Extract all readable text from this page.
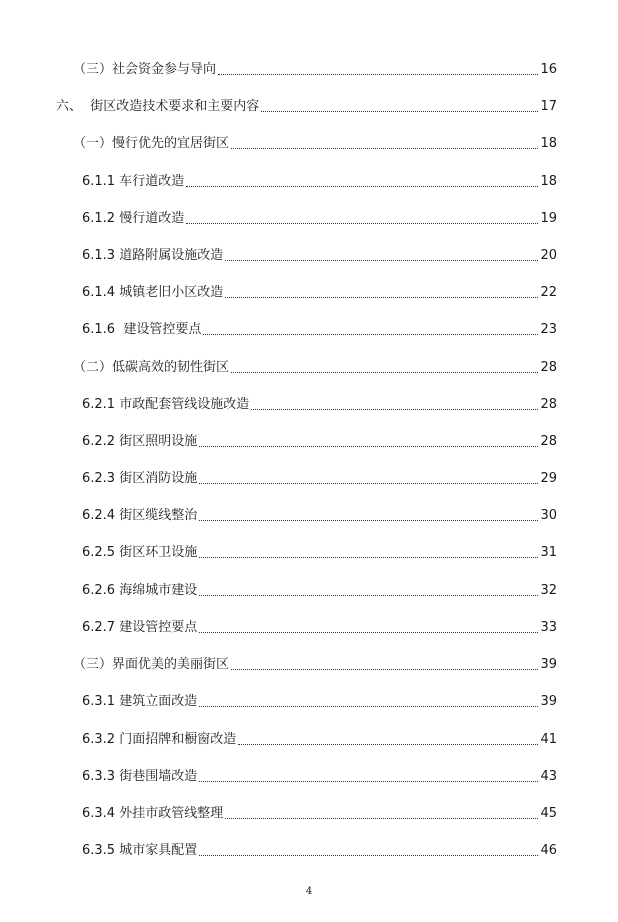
（三）社会资金参与导向	16
六、  街区改造技术要求和主要内容	17
（一）慢行优先的宜居街区	18
6.1.1 车行道改造	18
6.1.2 慢行道改造	19
6.1.3 道路附属设施改造	20
6.1.4 城镇老旧小区改造	22
6.1.6  建设管控要点	23
（二）低碳高效的韧性街区	28
6.2.1 市政配套管线设施改造	28
6.2.2 街区照明设施	28
6.2.3 街区消防设施	29
6.2.4 街区缆线整治	30
6.2.5 街区环卫设施	31
6.2.6 海绵城市建设	32
6.2.7 建设管控要点	33
（三）界面优美的美丽街区	39
6.3.1 建筑立面改造	39
6.3.2 门面招牌和橱窗改造	41
6.3.3 街巷围墙改造	43
6.3.4 外挂市政管线整理	45
6.3.5 城市家具配置	46
4
